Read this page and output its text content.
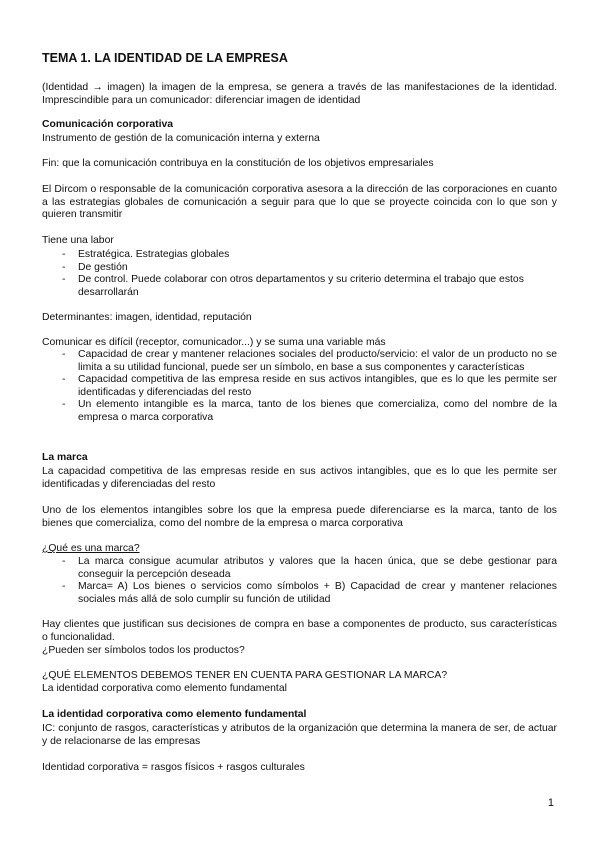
TEMA 1. LA IDENTIDAD DE LA EMPRESA

(Identidad → imagen) la imagen de la empresa, se genera a través de las manifestaciones de la identidad. Imprescindible para un comunicador: diferenciar imagen de identidad

Comunicación corporativa

Instrumento de gestión de la comunicación interna y externa

Fin: que la comunicación contribuya en la constitución de los objetivos empresariales

El Dircom o responsable de la comunicación corporativa asesora a la dirección de las corporaciones en cuanto a las estrategias globales de comunicación a seguir para que lo que se proyecte coincida con lo que son y quieren transmitir

Tiene una labor

- Estratégica. Estrategias globales
- De gestión
- De control. Puede colaborar con otros departamentos y su criterio determina el trabajo que estos desarrollarán

Determinantes: imagen, identidad, reputación

Comunicar es difícil (receptor, comunicador...) y se suma una variable más

- Capacidad de crear y mantener relaciones sociales del producto/servicio: el valor de un producto no se limita a su utilidad funcional, puede ser un símbolo, en base a sus componentes y características
- Capacidad competitiva de las empresa reside en sus activos intangibles, que es lo que les permite ser identificadas y diferenciadas del resto
- Un elemento intangible es la marca, tanto de los bienes que comercializa, como del nombre de la empresa o marca corporativa

La marca

La capacidad competitiva de las empresas reside en sus activos intangibles, que es lo que les permite ser identificadas y diferenciadas del resto

Uno de los elementos intangibles sobre los que la empresa puede diferenciarse es la marca, tanto de los bienes que comercializa, como del nombre de la empresa o marca corporativa

¿Qué es una marca?

- La marca consigue acumular atributos y valores que la hacen única, que se debe gestionar para conseguir la percepción deseada
- Marca= A) Los bienes o servicios como símbolos + B) Capacidad de crear y mantener relaciones sociales más allá de solo cumplir su función de utilidad

Hay clientes que justifican sus decisiones de compra en base a componentes de producto, sus características o funcionalidad.

¿Pueden ser símbolos todos los productos?

¿QUÉ ELEMENTOS DEBEMOS TENER EN CUENTA PARA GESTIONAR LA MARCA?

La identidad corporativa como elemento fundamental

La identidad corporativa como elemento fundamental

IC: conjunto de rasgos, características y atributos de la organización que determina la manera de ser, de actuar y de relacionarse de las empresas

Identidad corporativa = rasgos físicos + rasgos culturales

1
